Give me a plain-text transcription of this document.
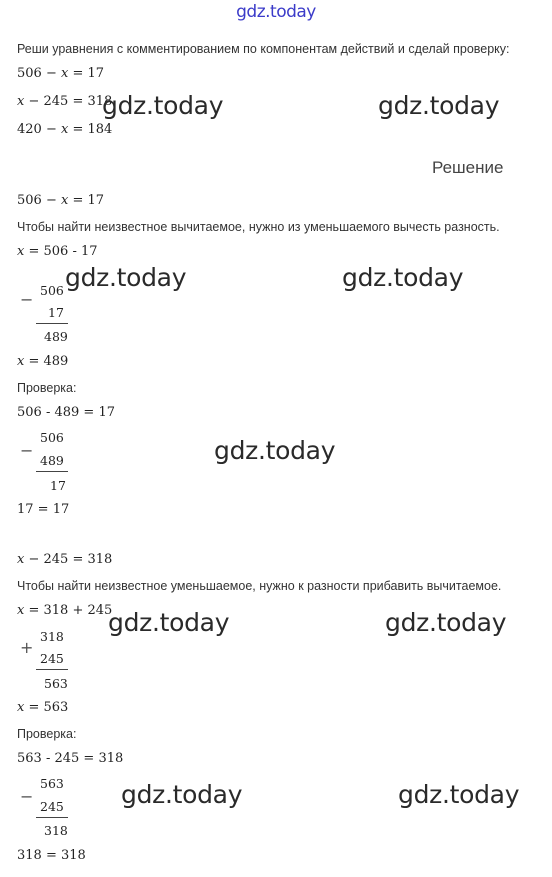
gdz.today
Реши уравнения с комментированием по компонентам действий и сделай проверку:
506 − x = 17
x − 245 = 318
420 − x = 184
Решение
506 − x = 17
Чтобы найти неизвестное вычитаемое, нужно из уменьшаемого вычесть разность.
x = 506 - 17
− 506
17
489
x = 489
Проверка:
506 - 489 = 17
−
506
489
17
17 = 17
x − 245 = 318
Чтобы найти неизвестное уменьшаемое, нужно к разности прибавить вычитаемое.
x = 318 + 245
+
318
245
563
x = 563
Проверка:
563 - 245 = 318
−
563
245
318
318 = 318
gdz.today	gdz.today
gdz.today	gdz.today
gdz.today
gdz.today	gdz.today
gdz.today	gdz.today
